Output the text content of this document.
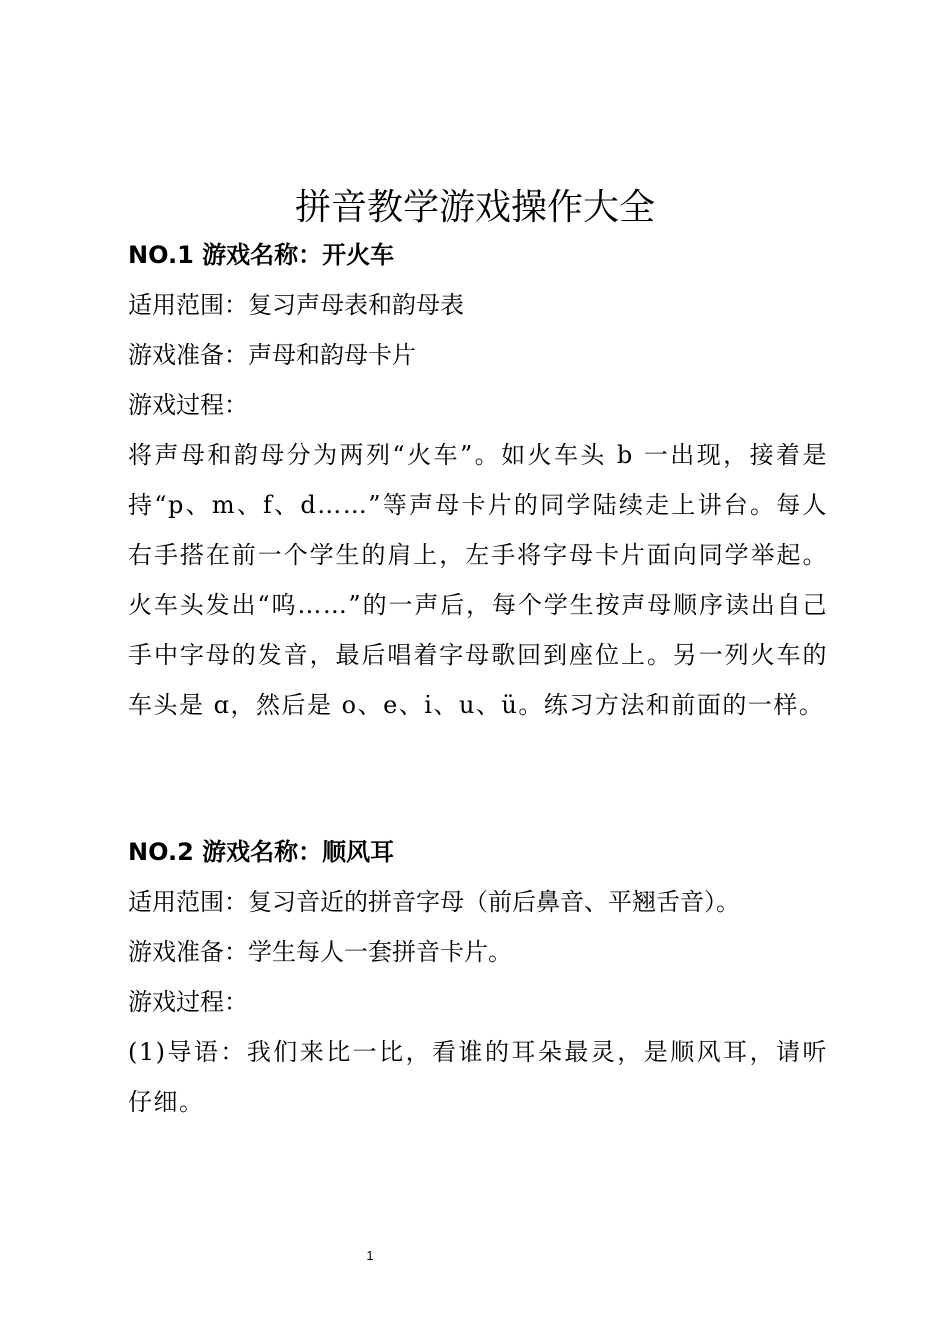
拼音教学游戏操作大全

NO.1 游戏名称：开火车

适用范围：复习声母表和韵母表

游戏准备：声母和韵母卡片

游戏过程：

将声母和韵母分为两列“火车”。如火车头 b 一出现，接着是持“p、m、f、d……”等声母卡片的同学陆续走上讲台。每人右手搭在前一个学生的肩上，左手将字母卡片面向同学举起。火车头发出“呜……”的一声后，每个学生按声母顺序读出自己手中字母的发音，最后唱着字母歌回到座位上。另一列火车的车头是 ɑ，然后是 o、e、i、u、ü。练习方法和前面的一样。

NO.2 游戏名称：顺风耳

适用范围：复习音近的拼音字母（前后鼻音、平翘舌音）。

游戏准备：学生每人一套拼音卡片。

游戏过程：

(1)导语：我们来比一比，看谁的耳朵最灵，是顺风耳，请听仔细。

1
